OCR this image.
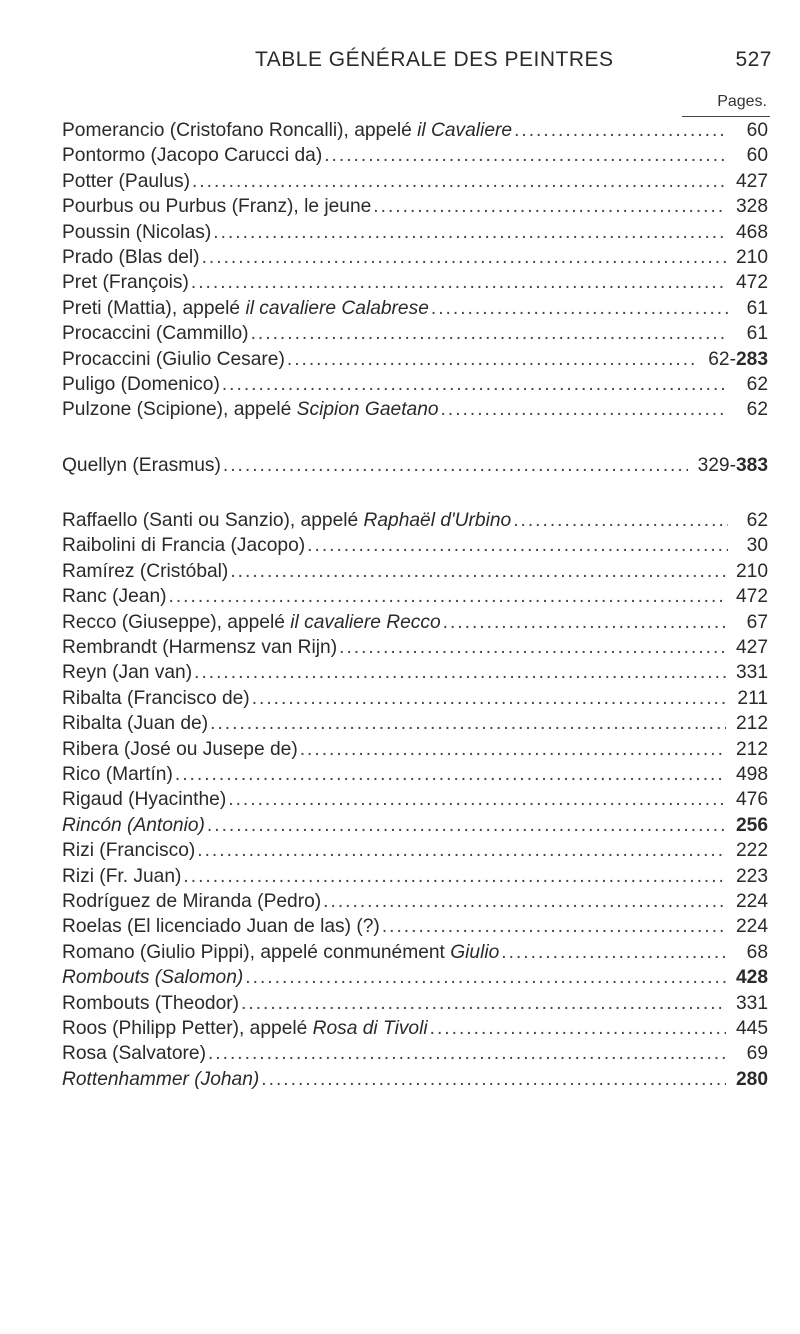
TABLE GÉNÉRALE DES PEINTRES	527
Pages.
Pomerancio (Cristofano Roncalli), appelé il Cavaliere .....	60
Pontormo (Jacopo Carucci da) .....	60
Potter (Paulus) .....	427
Pourbus ou Purbus (Franz), le jeune .....	328
Poussin (Nicolas) .....	468
Prado (Blas del) .....	210
Pret (François) .....	472
Preti (Mattia), appelé il cavaliere Calabrese .....	61
Procaccini (Cammillo) .....	61
Procaccini (Giulio Cesare) .....	62-283
Puligo (Domenico) .....	62
Pulzone (Scipione), appelé Scipion Gaetano .....	62
Quellyn (Erasmus) .....	329-383
Raffaello (Santi ou Sanzio), appelé Raphaël d'Urbino .....	62
Raibolini di Francia (Jacopo) .....	30
Ramírez (Cristóbal) .....	210
Ranc (Jean) .....	472
Recco (Giuseppe), appelé il cavaliere Recco .....	67
Rembrandt (Harmensz van Rijn) .....	427
Reyn (Jan van) .....	331
Ribalta (Francisco de) .....	211
Ribalta (Juan de) .....	212
Ribera (José ou Jusepe de) .....	212
Rico (Martín) .....	498
Rigaud (Hyacinthe) .....	476
Rincón (Antonio) .....	256
Rizi (Francisco) .....	222
Rizi (Fr. Juan) .....	223
Rodríguez de Miranda (Pedro) .....	224
Roelas (El licenciado Juan de las) (?) .....	224
Romano (Giulio Pippi), appelé conmunément Giulio .....	68
Rombouts (Salomon) .....	428
Rombouts (Theodor) .....	331
Roos (Philipp Petter), appelé Rosa di Tivoli .....	445
Rosa (Salvatore) .....	69
Rottenhammer (Johan) .....	280
